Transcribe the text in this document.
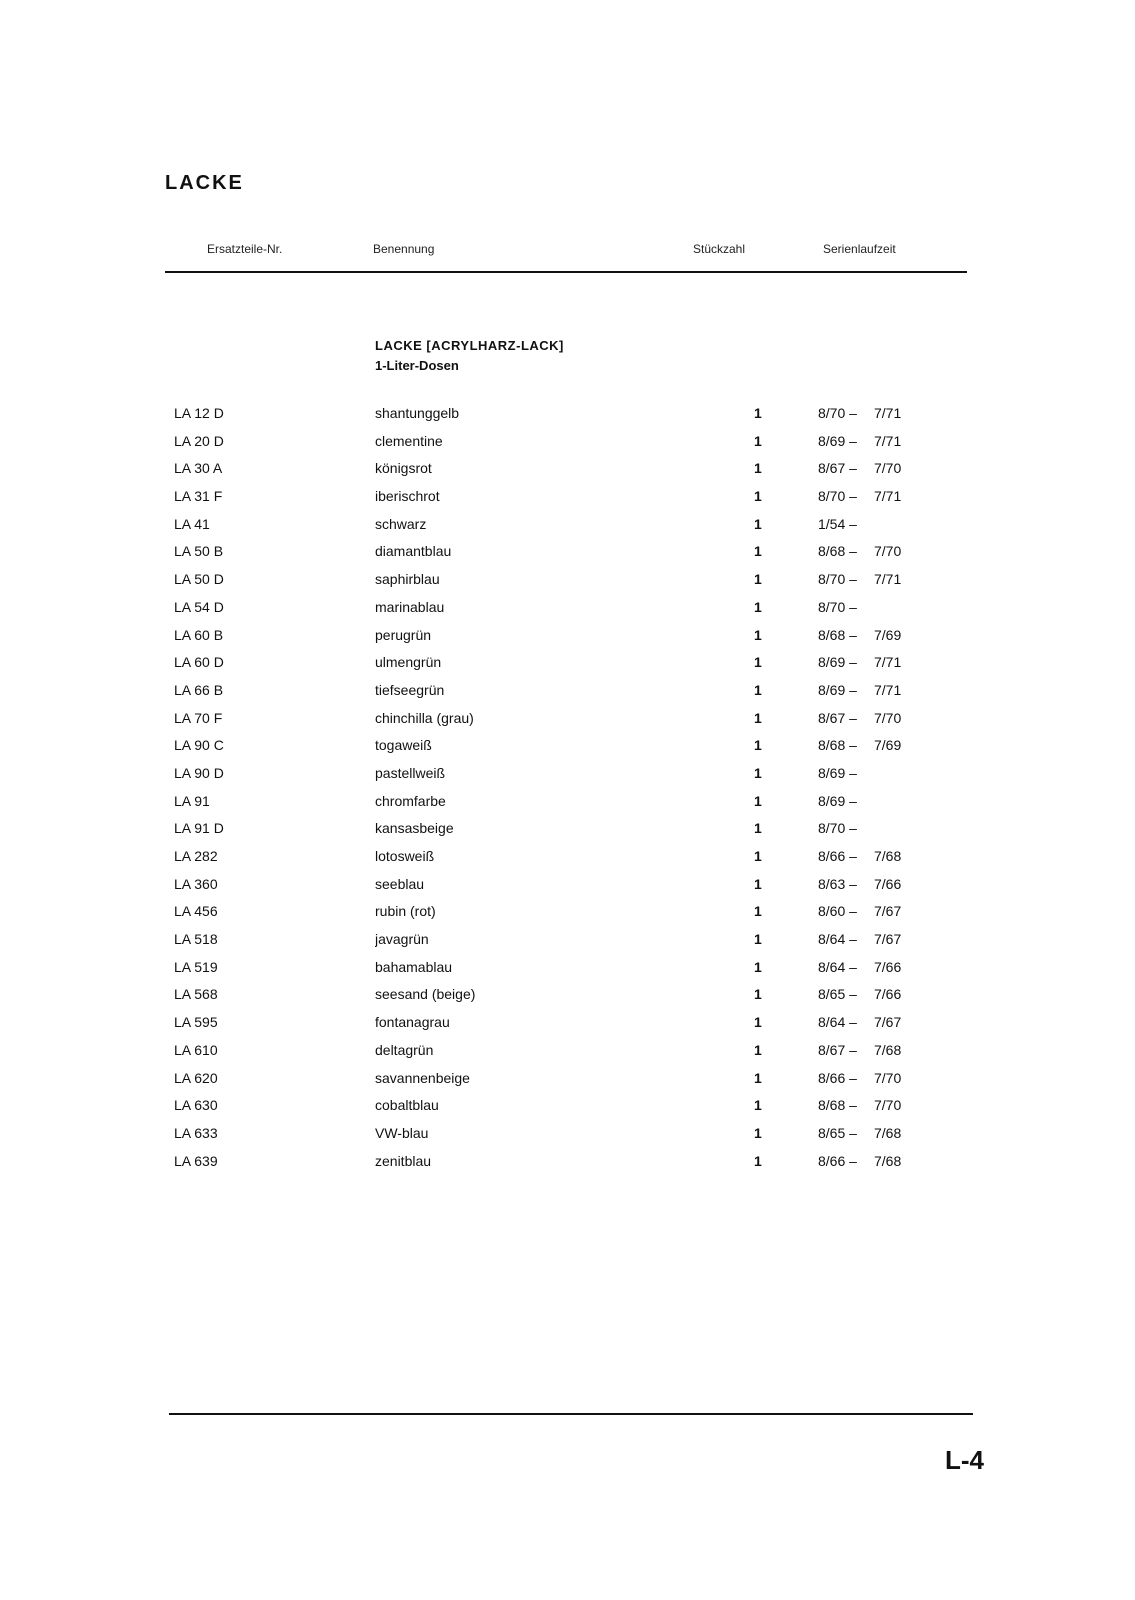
LACKE
Ersatzteile-Nr.	Benennung	Stückzahl	Serienlaufzeit
LACKE [ACRYLHARZ-LACK]
1-Liter-Dosen
LA 12 D	shantunggelb	1	8/70 –	7/71
LA 20 D	clementine	1	8/69 –	7/71
LA 30 A	königsrot	1	8/67 –	7/70
LA 31 F	iberischrot	1	8/70 –	7/71
LA 41	schwarz	1	1/54 –
LA 50 B	diamantblau	1	8/68 –	7/70
LA 50 D	saphirblau	1	8/70 –	7/71
LA 54 D	marinablau	1	8/70 –
LA 60 B	perugrün	1	8/68 –	7/69
LA 60 D	ulmengrün	1	8/69 –	7/71
LA 66 B	tiefseegrün	1	8/69 –	7/71
LA 70 F	chinchilla (grau)	1	8/67 –	7/70
LA 90 C	togaweiß	1	8/68 –	7/69
LA 90 D	pastellweiß	1	8/69 –
LA 91	chromfarbe	1	8/69 –
LA 91 D	kansasbeige	1	8/70 –
LA 282	lotosweiß	1	8/66 –	7/68
LA 360	seeblau	1	8/63 –	7/66
LA 456	rubin (rot)	1	8/60 –	7/67
LA 518	javagrün	1	8/64 –	7/67
LA 519	bahamablau	1	8/64 –	7/66
LA 568	seesand (beige)	1	8/65 –	7/66
LA 595	fontanagrau	1	8/64 –	7/67
LA 610	deltagrün	1	8/67 –	7/68
LA 620	savannenbeige	1	8/66 –	7/70
LA 630	cobaltblau	1	8/68 –	7/70
LA 633	VW-blau	1	8/65 –	7/68
LA 639	zenitblau	1	8/66 –	7/68
L-4
